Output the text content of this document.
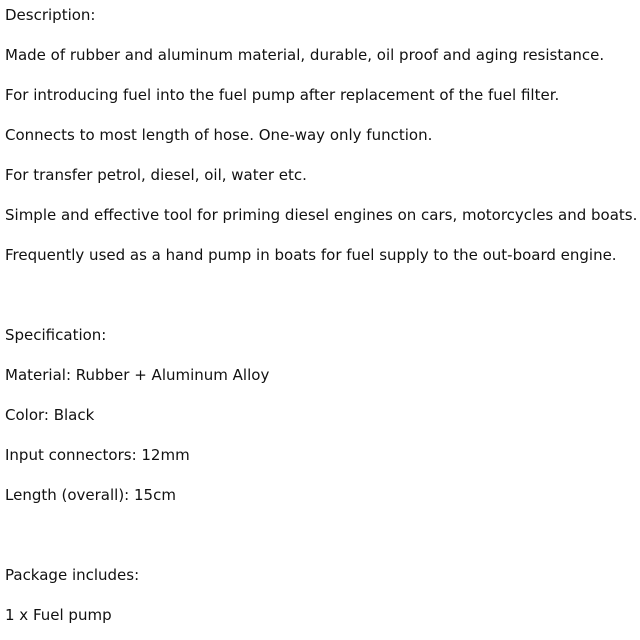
Description:
Made of rubber and aluminum material, durable, oil proof and aging resistance.
For introducing fuel into the fuel pump after replacement of the fuel filter.
Connects to most length of hose. One-way only function.
For transfer petrol, diesel, oil, water etc.
Simple and effective tool for priming diesel engines on cars, motorcycles and boats.
Frequently used as a hand pump in boats for fuel supply to the out-board engine.
Specification:
Material: Rubber + Aluminum Alloy
Color: Black
Input connectors: 12mm
Length (overall): 15cm
Package includes:
1 x Fuel pump
